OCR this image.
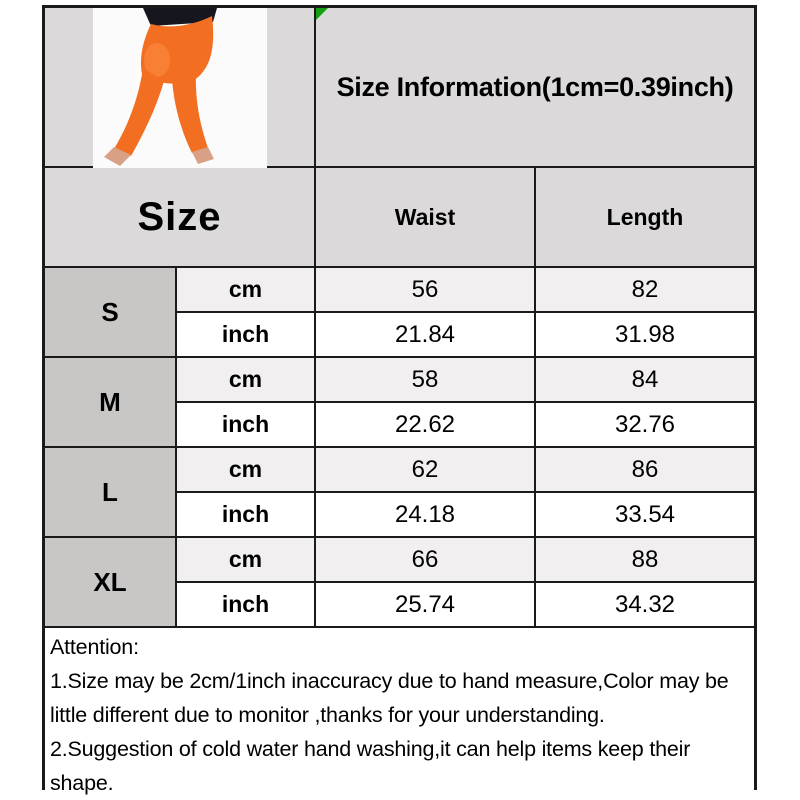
Size Information(1cm=0.39inch)
Size	Waist	Length
S
cm	56	82
inch	21.84	31.98
M
cm	58	84
inch	22.62	32.76
L
cm	62	86
inch	24.18	33.54
XL
cm	66	88
inch	25.74	34.32
Attention:
1.Size may be 2cm/1inch inaccuracy due to hand measure,Color may be
little different due to monitor ,thanks for your understanding.
2.Suggestion of cold water hand washing,it can help items keep their shape.
